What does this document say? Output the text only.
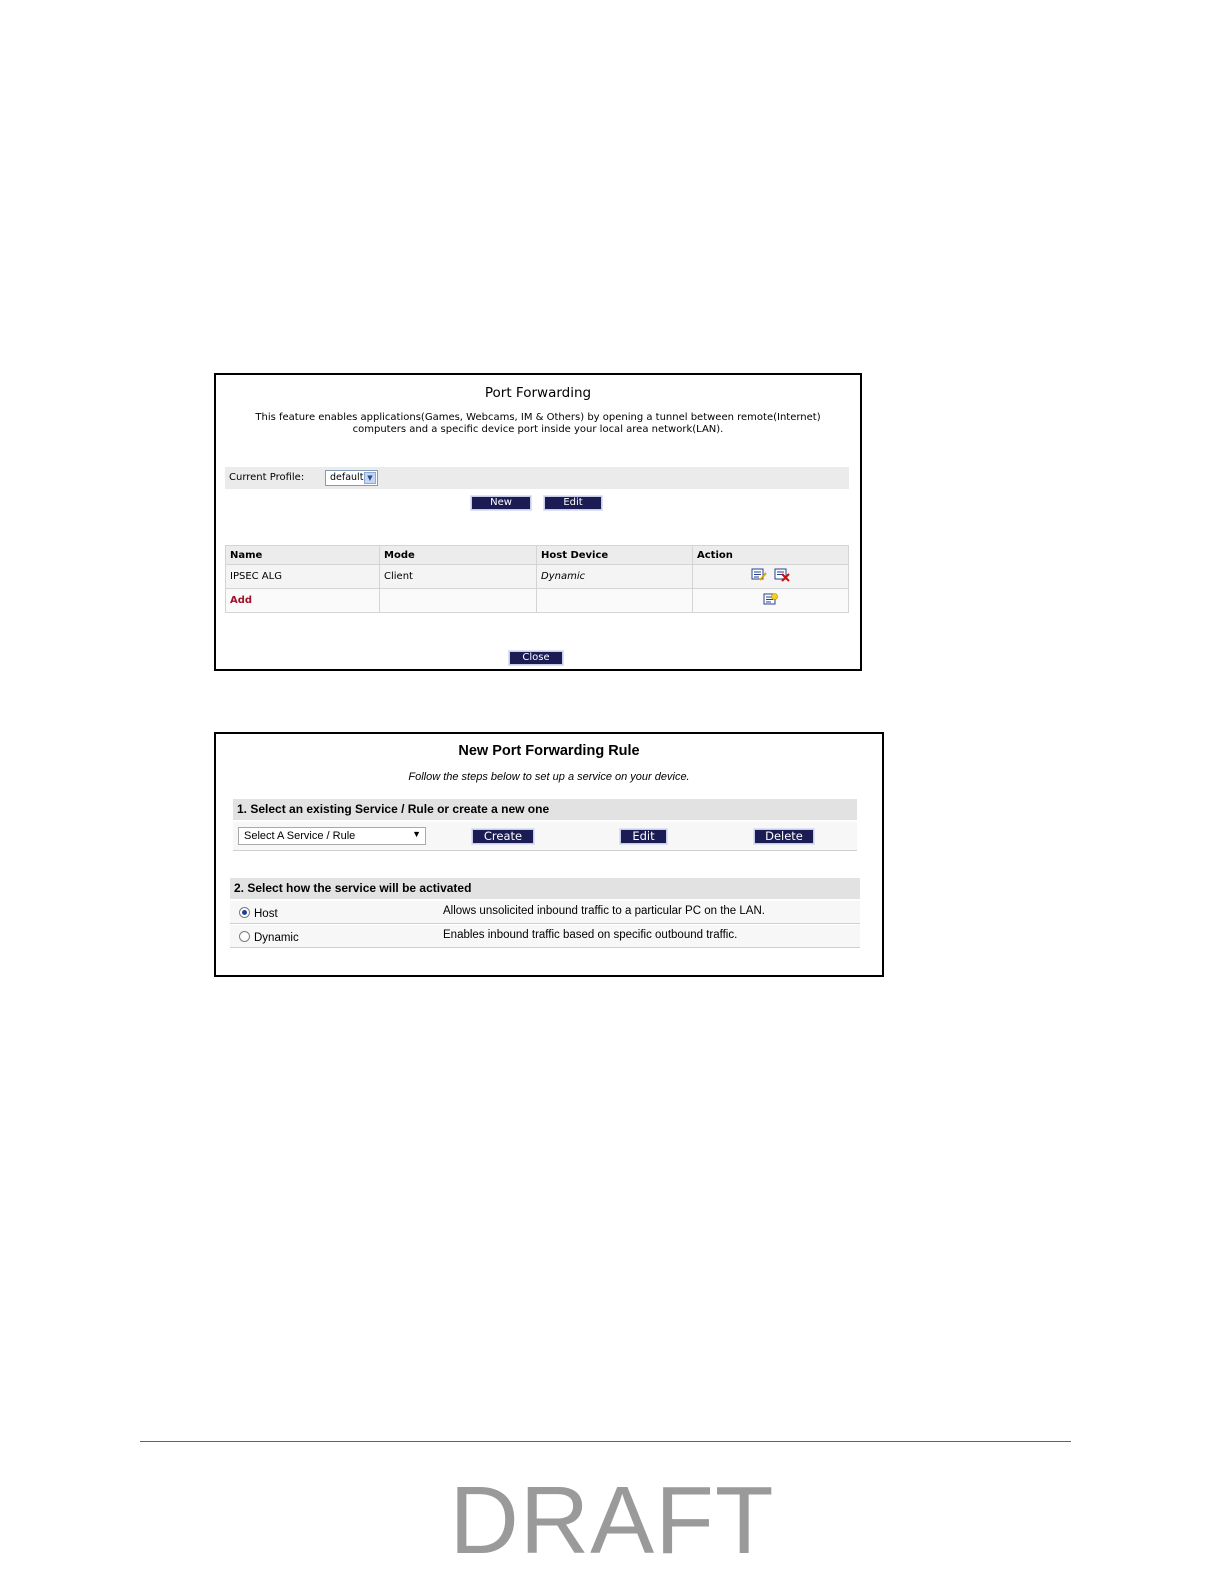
Port Forwarding
This feature enables applications(Games, Webcams, IM & Others) by opening a tunnel between remote(Internet)
computers and a specific device port inside your local area network(LAN).
Current Profile:	default ▼
New	Edit
Name	Mode	Host Device	Action
IPSEC ALG	Client	Dynamic	
Add			
Close
New Port Forwarding Rule
Follow the steps below to set up a service on your device.
1. Select an existing Service / Rule or create a new one
Select A Service / Rule	▼	Create	Edit	Delete
2. Select how the service will be activated
Host	Allows unsolicited inbound traffic to a particular PC on the LAN.
Dynamic	Enables inbound traffic based on specific outbound traffic.
DRAFT
